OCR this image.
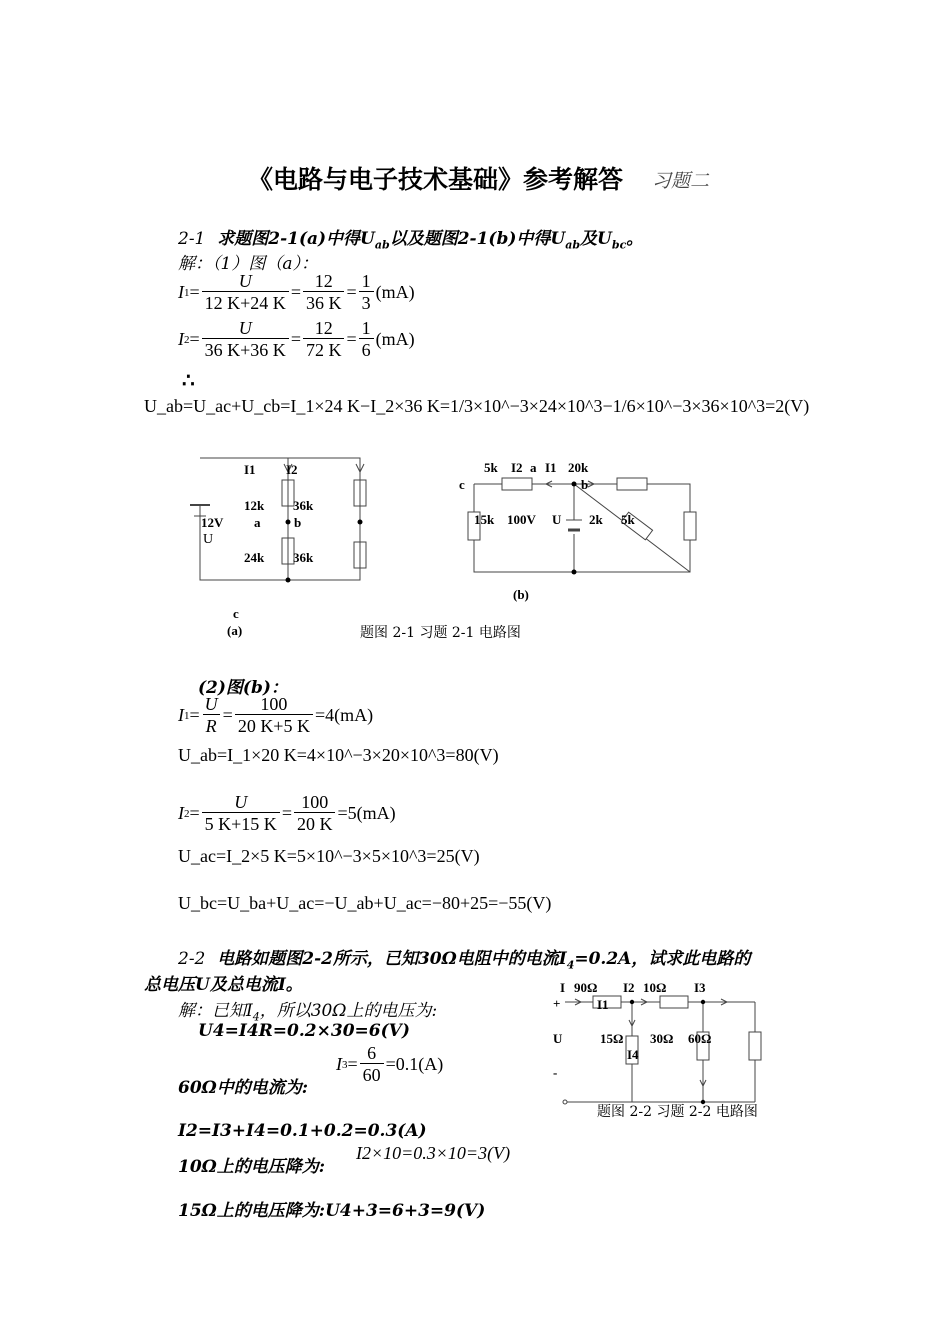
《电路与电子技术基础》参考解答 习题二
2-1 求题图2-1(a)中得$U_{ab}$以及题图2-1(b)中得$U_{ab}$及$U_{bc}$。
解：（1）图（a）：
I $1 = \frac{U}{12 K+24 K} = \frac{12}{36 K} = \frac{1}{3} (mA)$
I $2 = \frac{U}{36 K+36 K} = \frac{12}{72 K} = \frac{1}{6} (mA)$
∴
U_ab=U_ac+U_cb=I_1×24 K−I_2×36 K=1/3×10^−3×24×10^3−1/6×10^−3×36×10^3=2(V)
I1 I2
12k 36k
12V
U
a	b
24k 36k
c
(a)
5k I2 a I1 20k
c	b
15k 100V U 2k 5k
(b)
题图 2-1 习题 2-1 电路图
(2)图(b)：
I $1 = \frac{U}{R} = \frac{100}{20 K+5 K} =4(mA)$
U_ab=I_1×20 K=4×10^−3×20×10^3=80(V)
I $2 = \frac{U}{5 K+15 K} = \frac{100}{20 K} =5(mA)$
U_ac=I_2×5 K=5×10^−3×5×10^3=25(V)
U_bc=U_ba+U_ac=−U_ab+U_ac=−80+25=−55(V)
2-2 电路如题图2-2所示，已知30Ω电阻中的电流$I_4=0.2A$，试求此电路的
总电压U及总电流I。
解：已知$I_4$，所以30Ω上的电压为:
U4=I4R=0.2×30=6(V)
60Ω中的电流为:
I $3 = \frac{6}{60} =0.1(A)$
I2=I3+I4=0.1+0.2=0.3(A)
10Ω上的电压降为:
I2×10=0.3×10=3(V)
15Ω上的电压降为:U4+3=6+3=9(V)
I 90Ω I2 10Ω I3
+	I1
U	15Ω 30Ω 60Ω
I4
-
题图 2-2 习题 2-2 电路图
